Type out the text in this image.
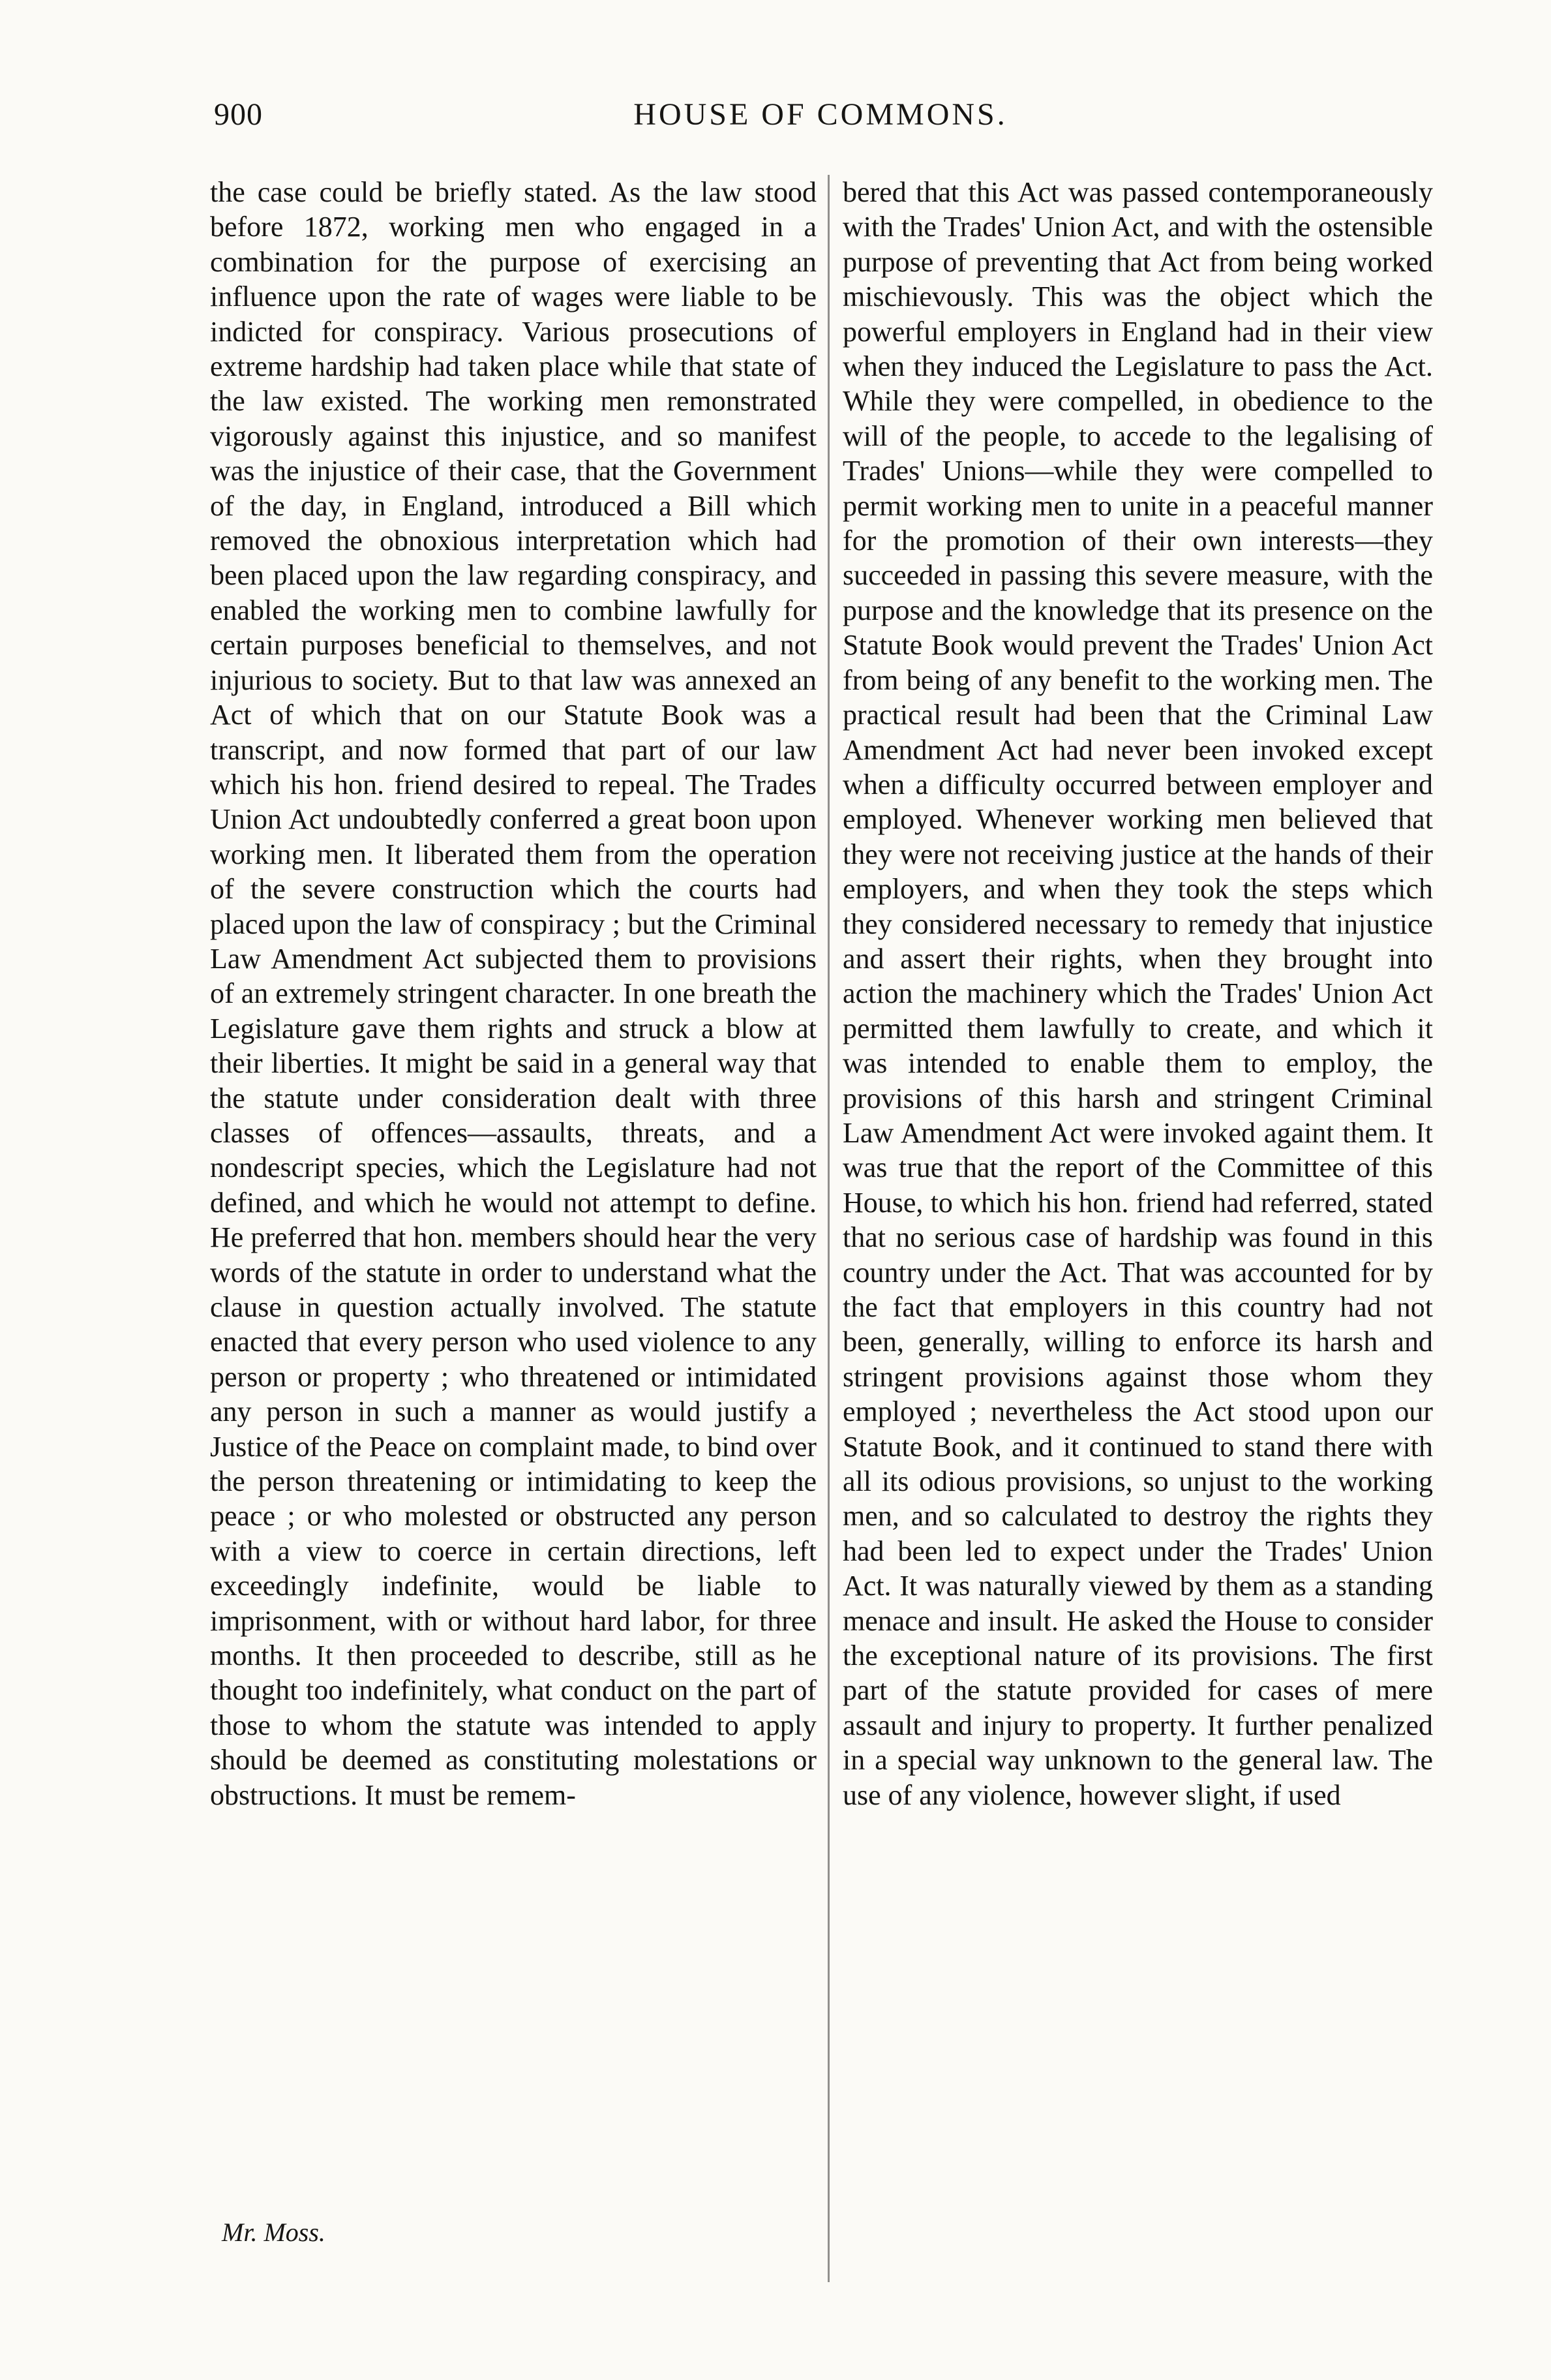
900	HOUSE OF COMMONS.

the case could be briefly stated. As the law stood before 1872, working men who engaged in a combination for the purpose of exercising an influence upon the rate of wages were liable to be indicted for conspiracy. Various prosecutions of extreme hardship had taken place while that state of the law existed. The working men remonstrated vigorously against this injustice, and so manifest was the injustice of their case, that the Government of the day, in England, introduced a Bill which removed the obnoxious interpretation which had been placed upon the law regarding conspiracy, and enabled the working men to combine lawfully for certain purposes beneficial to themselves, and not injurious to society. But to that law was annexed an Act of which that on our Statute Book was a transcript, and now formed that part of our law which his hon. friend desired to repeal. The Trades Union Act undoubtedly conferred a great boon upon working men. It liberated them from the operation of the severe construction which the courts had placed upon the law of conspiracy ; but the Criminal Law Amendment Act subjected them to provisions of an extremely stringent character. In one breath the Legislature gave them rights and struck a blow at their liberties. It might be said in a general way that the statute under consideration dealt with three classes of offences—assaults, threats, and a nondescript species, which the Legislature had not defined, and which he would not attempt to define. He preferred that hon. members should hear the very words of the statute in order to understand what the clause in question actually involved. The statute enacted that every person who used violence to any person or property ; who threatened or intimidated any person in such a manner as would justify a Justice of the Peace on complaint made, to bind over the person threatening or intimidating to keep the peace ; or who molested or obstructed any person with a view to coerce in certain directions, left exceedingly indefinite, would be liable to imprisonment, with or without hard labor, for three months. It then proceeded to describe, still as he thought too indefinitely, what conduct on the part of those to whom the statute was intended to apply should be deemed as constituting molestations or obstructions. It must be remem-

bered that this Act was passed contemporaneously with the Trades' Union Act, and with the ostensible purpose of preventing that Act from being worked mischievously. This was the object which the powerful employers in England had in their view when they induced the Legislature to pass the Act. While they were compelled, in obedience to the will of the people, to accede to the legalising of Trades' Unions—while they were compelled to permit working men to unite in a peaceful manner for the promotion of their own interests—they succeeded in passing this severe measure, with the purpose and the knowledge that its presence on the Statute Book would prevent the Trades' Union Act from being of any benefit to the working men. The practical result had been that the Criminal Law Amendment Act had never been invoked except when a difficulty occurred between employer and employed. Whenever working men believed that they were not receiving justice at the hands of their employers, and when they took the steps which they considered necessary to remedy that injustice and assert their rights, when they brought into action the machinery which the Trades' Union Act permitted them lawfully to create, and which it was intended to enable them to employ, the provisions of this harsh and stringent Criminal Law Amendment Act were invoked againt them. It was true that the report of the Committee of this House, to which his hon. friend had referred, stated that no serious case of hardship was found in this country under the Act. That was accounted for by the fact that employers in this country had not been, generally, willing to enforce its harsh and stringent provisions against those whom they employed ; nevertheless the Act stood upon our Statute Book, and it continued to stand there with all its odious provisions, so unjust to the working men, and so calculated to destroy the rights they had been led to expect under the Trades' Union Act. It was naturally viewed by them as a standing menace and insult. He asked the House to consider the exceptional nature of its provisions. The first part of the statute provided for cases of mere assault and injury to property. It further penalized in a special way unknown to the general law. The use of any violence, however slight, if used

Mr. Moss.
